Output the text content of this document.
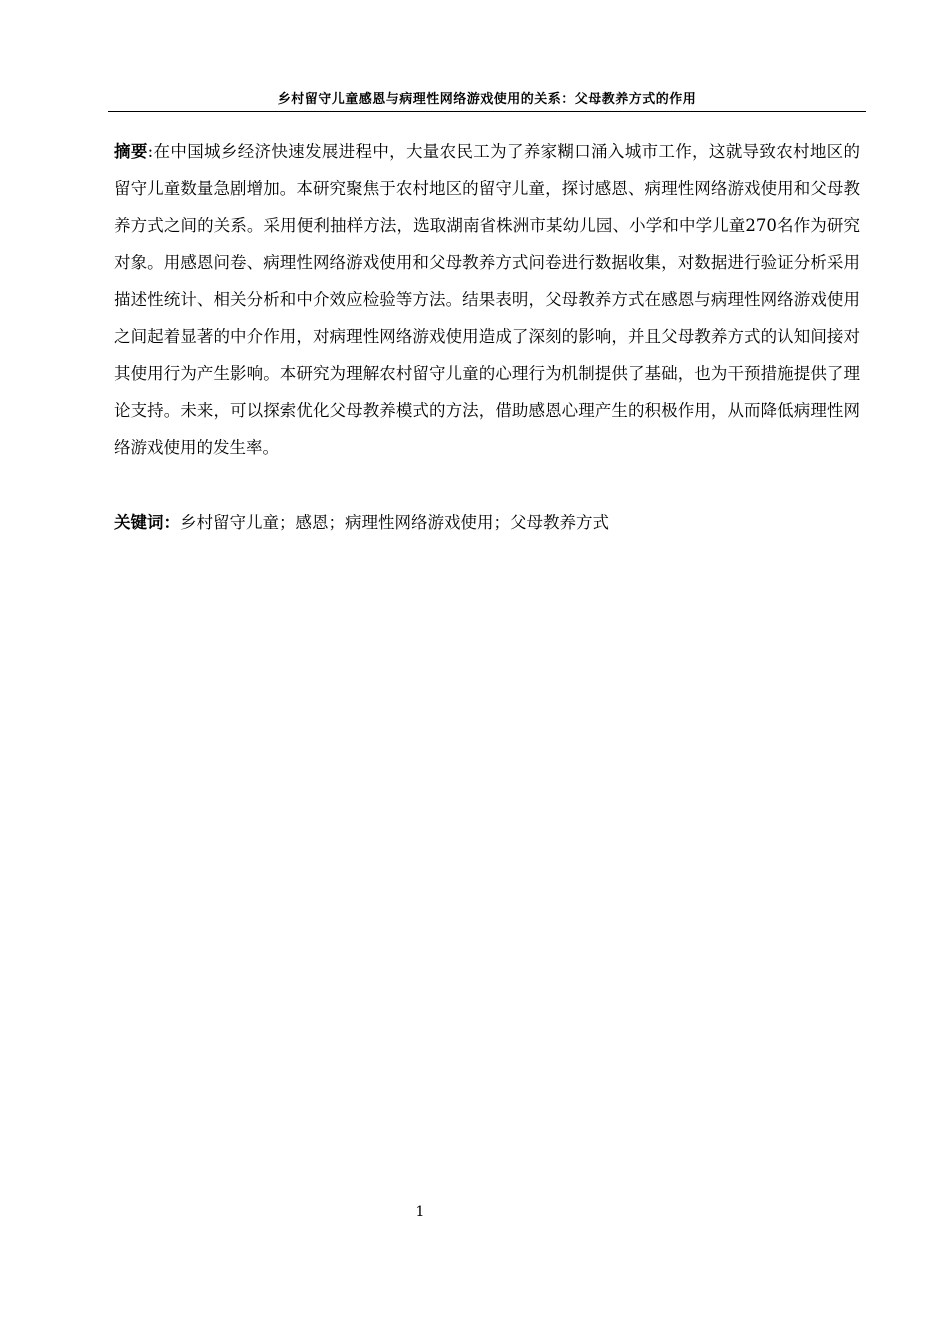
乡村留守儿童感恩与病理性网络游戏使用的关系：父母教养方式的作用
摘要:在中国城乡经济快速发展进程中，大量农民工为了养家糊口涌入城市工作，这就导致农村地区的留守儿童数量急剧增加。本研究聚焦于农村地区的留守儿童，探讨感恩、病理性网络游戏使用和父母教养方式之间的关系。采用便利抽样方法，选取湖南省株洲市某幼儿园、小学和中学儿童270名作为研究对象。用感恩问卷、病理性网络游戏使用和父母教养方式问卷进行数据收集，对数据进行验证分析采用描述性统计、相关分析和中介效应检验等方法。结果表明，父母教养方式在感恩与病理性网络游戏使用之间起着显著的中介作用，对病理性网络游戏使用造成了深刻的影响，并且父母教养方式的认知间接对其使用行为产生影响。本研究为理解农村留守儿童的心理行为机制提供了基础，也为干预措施提供了理论支持。未来，可以探索优化父母教养模式的方法，借助感恩心理产生的积极作用，从而降低病理性网络游戏使用的发生率。
关键词：乡村留守儿童；感恩；病理性网络游戏使用；父母教养方式
1
